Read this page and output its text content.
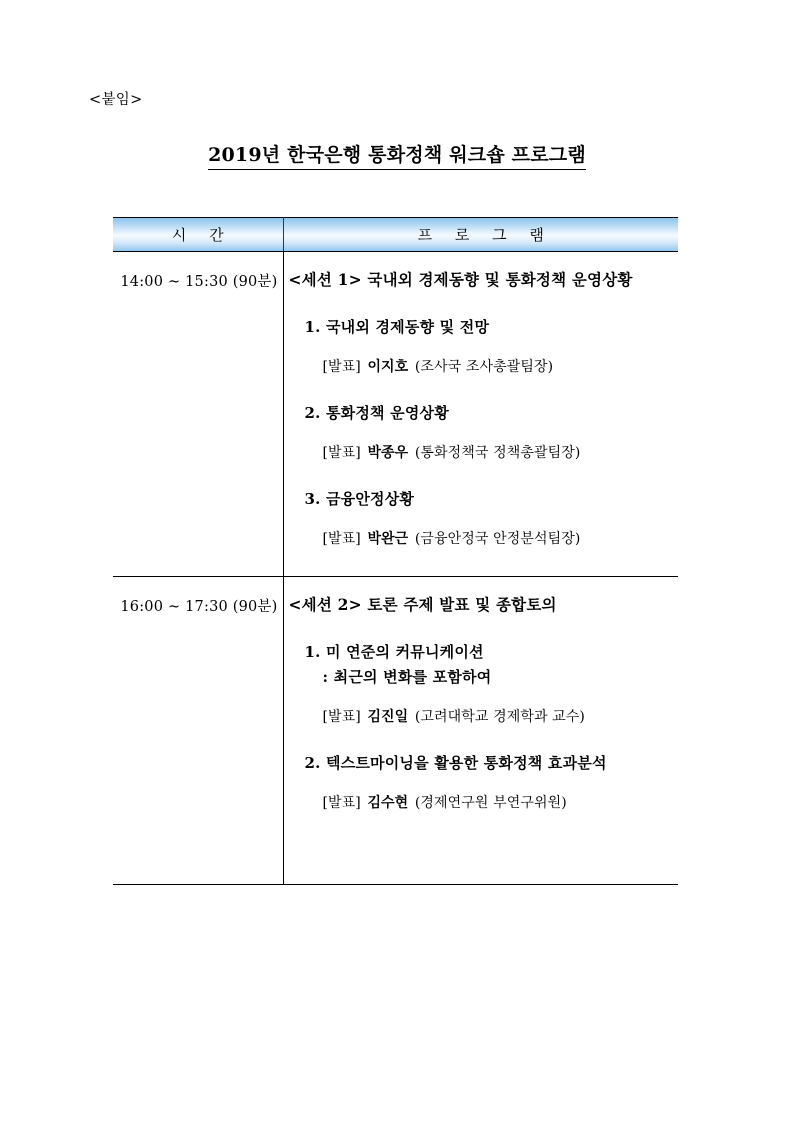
<붙임>
2019년 한국은행 통화정책 워크숍 프로그램
시 간	프 로 그 램
14:00 ~ 15:30 (90분)	<세션 1> 국내외 경제동향 및 통화정책 운영상황
1. 국내외 경제동향 및 전망
[발표] 이지호 (조사국 조사총괄팀장)
2. 통화정책 운영상황
[발표] 박종우 (통화정책국 정책총괄팀장)
3. 금융안정상황
[발표] 박완근 (금융안정국 안정분석팀장)

16:00 ~ 17:30 (90분)	<세션 2> 토론 주제 발표 및 종합토의
1. 미 연준의 커뮤니케이션
: 최근의 변화를 포함하여
[발표] 김진일 (고려대학교 경제학과 교수)
2. 텍스트마이닝을 활용한 통화정책 효과분석
[발표] 김수현 (경제연구원 부연구위원)
